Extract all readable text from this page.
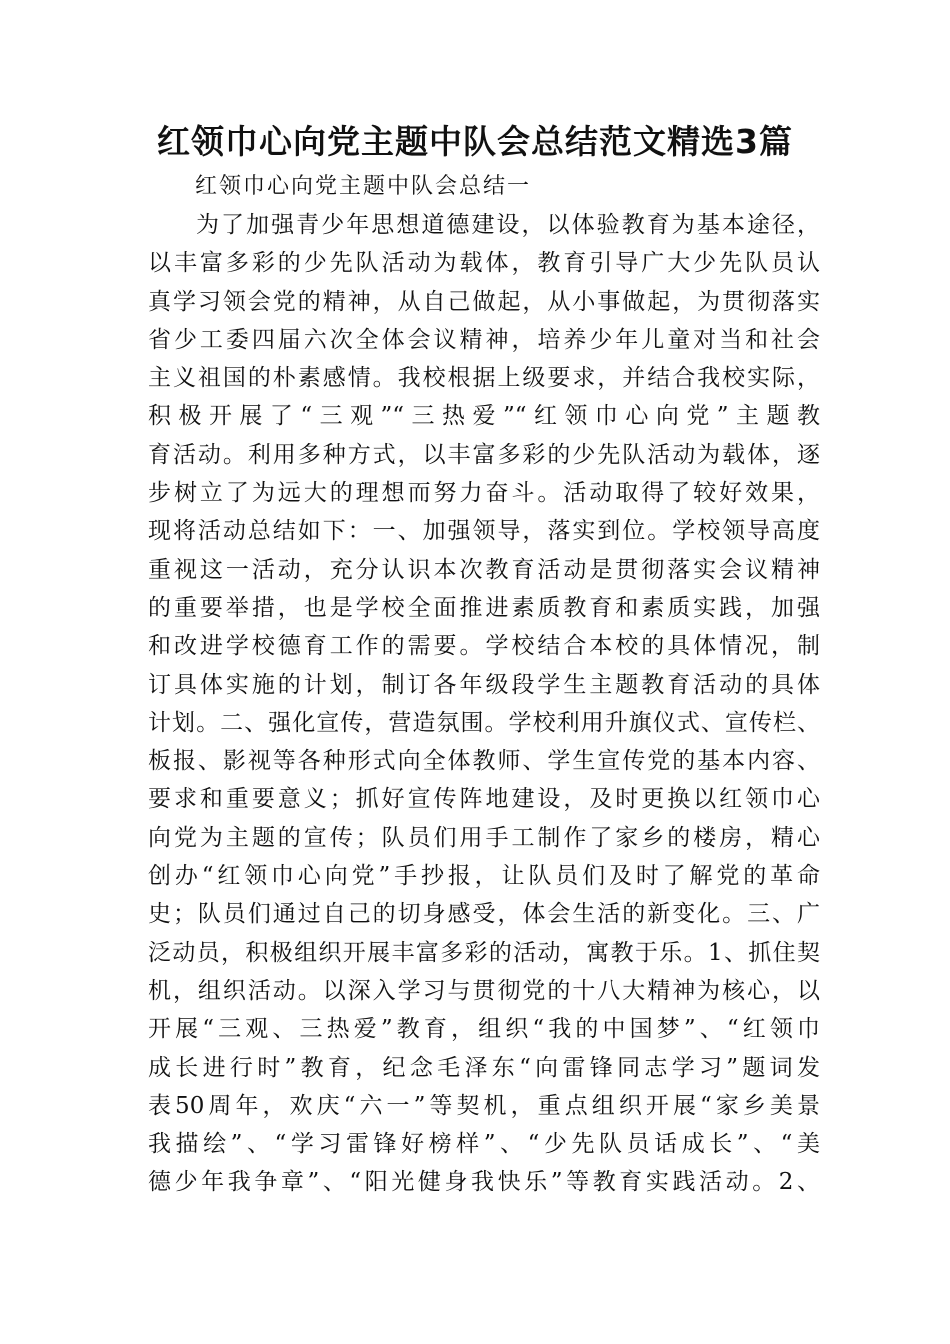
红领巾心向党主题中队会总结范文精选3篇

红领巾心向党主题中队会总结一

为了加强青少年思想道德建设，以体验教育为基本途径，
以丰富多彩的少先队活动为载体，教育引导广大少先队员认
真学习领会党的精神，从自己做起，从小事做起，为贯彻落实
省少工委四届六次全体会议精神，培养少年儿童对当和社会
主义祖国的朴素感情。我校根据上级要求，并结合我校实际，
积极开展了“三观”“三热爱”“红领巾心向党”主题教
育活动。利用多种方式，以丰富多彩的少先队活动为载体，逐
步树立了为远大的理想而努力奋斗。活动取得了较好效果，
现将活动总结如下：一、加强领导，落实到位。学校领导高度
重视这一活动，充分认识本次教育活动是贯彻落实会议精神
的重要举措，也是学校全面推进素质教育和素质实践，加强
和改进学校德育工作的需要。学校结合本校的具体情况，制
订具体实施的计划，制订各年级段学生主题教育活动的具体
计划。二、强化宣传，营造氛围。学校利用升旗仪式、宣传栏、
板报、影视等各种形式向全体教师、学生宣传党的基本内容、
要求和重要意义；抓好宣传阵地建设，及时更换以红领巾心
向党为主题的宣传；队员们用手工制作了家乡的楼房，精心
创办“红领巾心向党”手抄报，让队员们及时了解党的革命
史；队员们通过自己的切身感受，体会生活的新变化。三、广
泛动员，积极组织开展丰富多彩的活动，寓教于乐。1、抓住契
机，组织活动。以深入学习与贯彻党的十八大精神为核心，以
开展“三观、三热爱”教育，组织“我的中国梦”、“红领巾
成长进行时”教育，纪念毛泽东“向雷锋同志学习”题词发
表50周年，欢庆“六一”等契机，重点组织开展“家乡美景
我描绘”、“学习雷锋好榜样”、“少先队员话成长”、“美
德少年我争章”、“阳光健身我快乐”等教育实践活动。2、
